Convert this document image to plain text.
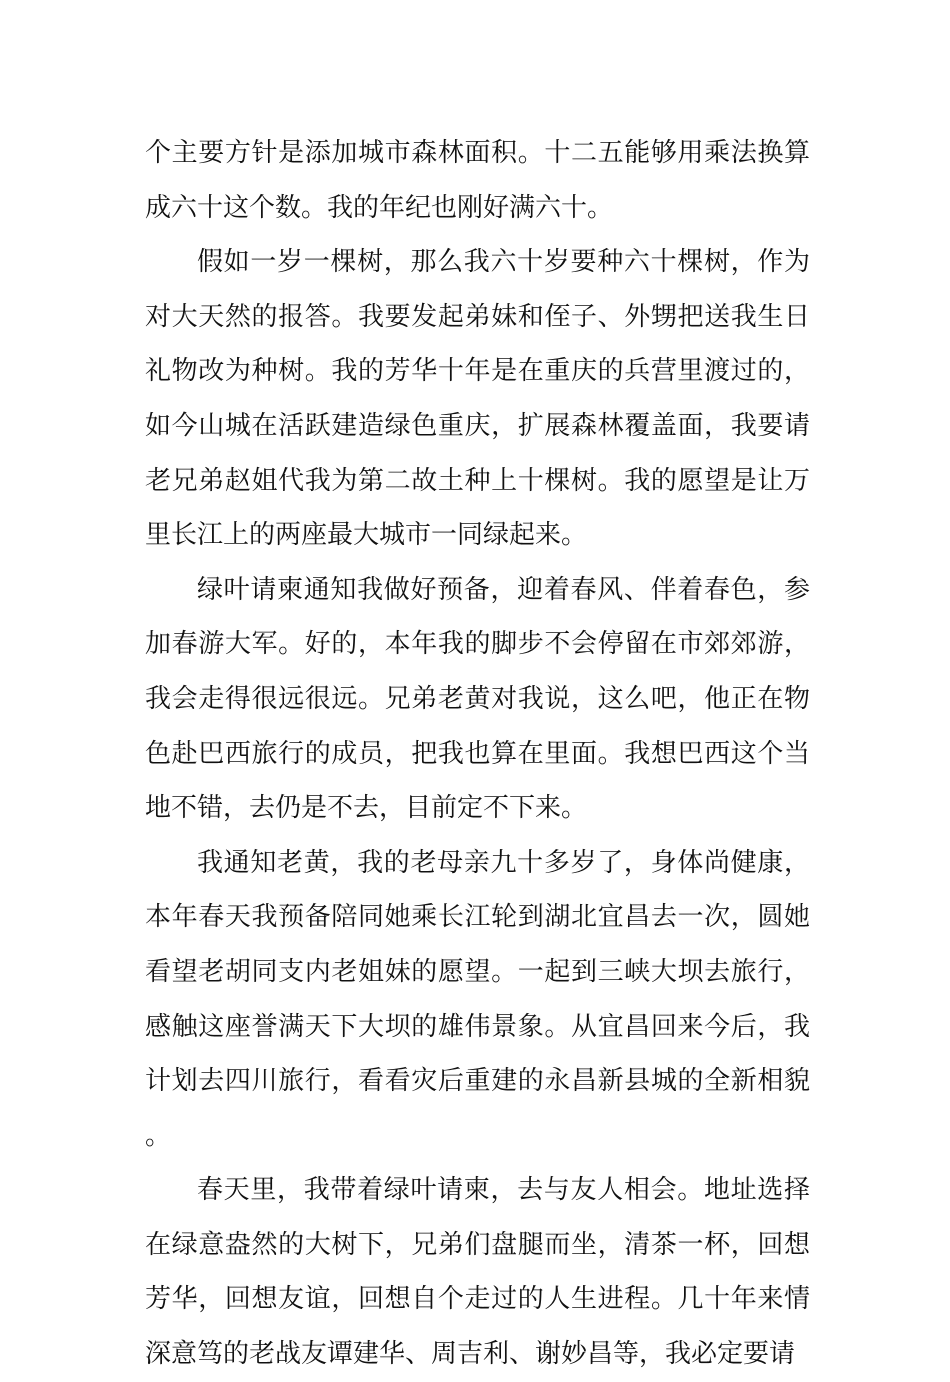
个主要方针是添加城市森林面积。十二五能够用乘法换算成六十这个数。我的年纪也刚好满六十。

假如一岁一棵树，那么我六十岁要种六十棵树，作为对大天然的报答。我要发起弟妹和侄子、外甥把送我生日礼物改为种树。我的芳华十年是在重庆的兵营里渡过的，如今山城在活跃建造绿色重庆，扩展森林覆盖面，我要请老兄弟赵姐代我为第二故土种上十棵树。我的愿望是让万里长江上的两座最大城市一同绿起来。

绿叶请柬通知我做好预备，迎着春风、伴着春色，参加春游大军。好的，本年我的脚步不会停留在市郊郊游，我会走得很远很远。兄弟老黄对我说，这么吧，他正在物色赴巴西旅行的成员，把我也算在里面。我想巴西这个当地不错，去仍是不去，目前定不下来。

我通知老黄，我的老母亲九十多岁了，身体尚健康，本年春天我预备陪同她乘长江轮到湖北宜昌去一次，圆她看望老胡同支内老姐妹的愿望。一起到三峡大坝去旅行，感触这座誉满天下大坝的雄伟景象。从宜昌回来今后，我计划去四川旅行，看看灾后重建的永昌新县城的全新相貌。

春天里，我带着绿叶请柬，去与友人相会。地址选择在绿意盎然的大树下，兄弟们盘腿而坐，清茶一杯，回想芳华，回想友谊，回想自个走过的人生进程。几十年来情深意笃的老战友谭建华、周吉利、谢妙昌等，我必定要请
